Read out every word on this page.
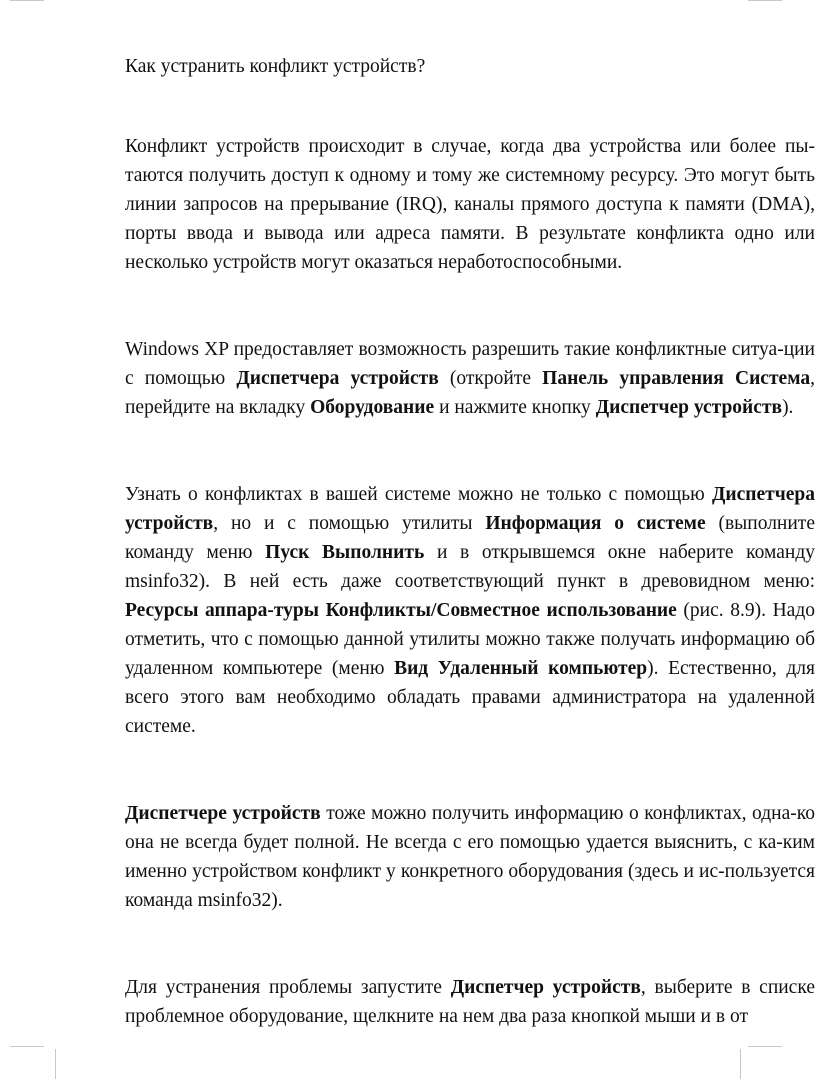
Как устранить конфликт устройств?

Конфликт устройств происходит в случае, когда два устройства или более пы-таются получить доступ к одному и тому же системному ресурсу. Это могут быть линии запросов на прерывание (IRQ), каналы прямого доступа к памяти (DMA), порты ввода и вывода или адреса памяти. В результате конфликта одно или несколько устройств могут оказаться неработоспособными.

Windows XP предоставляет возможность разрешить такие конфликтные ситуа-ции с помощью Диспетчера устройств (откройте Панель управления Система, перейдите на вкладку Оборудование и нажмите кнопку Диспетчер устройств).

Узнать о конфликтах в вашей системе можно не только с помощью Диспетчера устройств, но и с помощью утилиты Информация о системе (выполните команду меню Пуск Выполнить и в открывшемся окне наберите команду msinfo32). В ней есть даже соответствующий пункт в древовидном меню: Ресурсы аппара-туры Конфликты/Совместное использование (рис. 8.9). Надо отметить, что с помощью данной утилиты можно также получать информацию об удаленном компьютере (меню Вид Удаленный компьютер). Естественно, для всего этого вам необходимо обладать правами администратора на удаленной системе.

Диспетчере устройств тоже можно получить информацию о конфликтах, одна-ко она не всегда будет полной. Не всегда с его помощью удается выяснить, с ка-ким именно устройством конфликт у конкретного оборудования (здесь и ис-пользуется команда msinfo32).

Для устранения проблемы запустите Диспетчер устройств, выберите в списке проблемное оборудование, щелкните на нем два раза кнопкой мыши и в от
